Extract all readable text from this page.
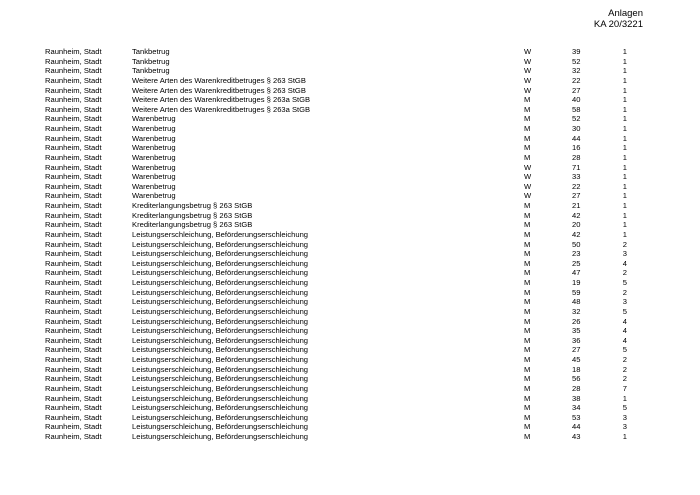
Anlagen
KA 20/3221
Raunheim, Stadt	Tankbetrug	W	39	1
Raunheim, Stadt	Tankbetrug	W	52	1
Raunheim, Stadt	Tankbetrug	W	32	1
Raunheim, Stadt	Weitere Arten des Warenkreditbetruges § 263 StGB	W	22	1
Raunheim, Stadt	Weitere Arten des Warenkreditbetruges § 263 StGB	W	27	1
Raunheim, Stadt	Weitere Arten des Warenkreditbetruges § 263a StGB	M	40	1
Raunheim, Stadt	Weitere Arten des Warenkreditbetruges § 263a StGB	M	58	1
Raunheim, Stadt	Warenbetrug	M	52	1
Raunheim, Stadt	Warenbetrug	M	30	1
Raunheim, Stadt	Warenbetrug	M	44	1
Raunheim, Stadt	Warenbetrug	M	16	1
Raunheim, Stadt	Warenbetrug	M	28	1
Raunheim, Stadt	Warenbetrug	W	71	1
Raunheim, Stadt	Warenbetrug	W	33	1
Raunheim, Stadt	Warenbetrug	W	22	1
Raunheim, Stadt	Warenbetrug	W	27	1
Raunheim, Stadt	Krediterlangungsbetrug § 263 StGB	M	21	1
Raunheim, Stadt	Krediterlangungsbetrug § 263 StGB	M	42	1
Raunheim, Stadt	Krediterlangungsbetrug § 263 StGB	M	20	1
Raunheim, Stadt	Leistungserschleichung, Beförderungserschleichung	M	42	1
Raunheim, Stadt	Leistungserschleichung, Beförderungserschleichung	M	50	2
Raunheim, Stadt	Leistungserschleichung, Beförderungserschleichung	M	23	3
Raunheim, Stadt	Leistungserschleichung, Beförderungserschleichung	M	25	4
Raunheim, Stadt	Leistungserschleichung, Beförderungserschleichung	M	47	2
Raunheim, Stadt	Leistungserschleichung, Beförderungserschleichung	M	19	5
Raunheim, Stadt	Leistungserschleichung, Beförderungserschleichung	M	59	2
Raunheim, Stadt	Leistungserschleichung, Beförderungserschleichung	M	48	3
Raunheim, Stadt	Leistungserschleichung, Beförderungserschleichung	M	32	5
Raunheim, Stadt	Leistungserschleichung, Beförderungserschleichung	M	26	4
Raunheim, Stadt	Leistungserschleichung, Beförderungserschleichung	M	35	4
Raunheim, Stadt	Leistungserschleichung, Beförderungserschleichung	M	36	4
Raunheim, Stadt	Leistungserschleichung, Beförderungserschleichung	M	27	5
Raunheim, Stadt	Leistungserschleichung, Beförderungserschleichung	M	45	2
Raunheim, Stadt	Leistungserschleichung, Beförderungserschleichung	M	18	2
Raunheim, Stadt	Leistungserschleichung, Beförderungserschleichung	M	56	2
Raunheim, Stadt	Leistungserschleichung, Beförderungserschleichung	M	28	7
Raunheim, Stadt	Leistungserschleichung, Beförderungserschleichung	M	38	1
Raunheim, Stadt	Leistungserschleichung, Beförderungserschleichung	M	34	5
Raunheim, Stadt	Leistungserschleichung, Beförderungserschleichung	M	53	3
Raunheim, Stadt	Leistungserschleichung, Beförderungserschleichung	M	44	3
Raunheim, Stadt	Leistungserschleichung, Beförderungserschleichung	M	43	1
